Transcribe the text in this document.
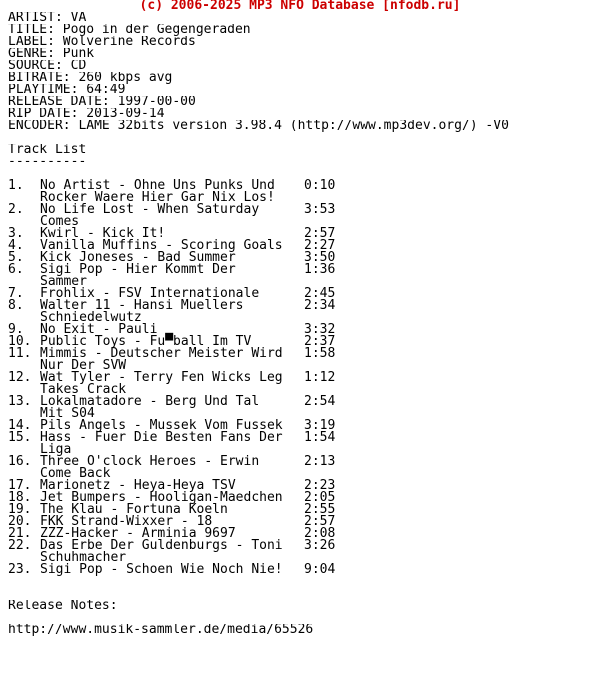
(c) 2006-2025 MP3 NFO Database [nfodb.ru]
ARTIST: VA
TITLE: Pogo in der Gegengeraden
LABEL: Wolverine Records
GENRE: Punk
SOURCE: CD
BITRATE: 260 kbps avg
PLAYTIME: 64:49
RELEASE DATE: 1997-00-00
RIP DATE: 2013-09-14
ENCODER: LAME 32bits version 3.98.4 (http://www.mp3dev.org/) -V0
Track List
----------
1.	No Artist - Ohne Uns Punks Und	0:10
Rocker Waere Hier Gar Nix Los!
2.	No Life Lost - When Saturday	3:53
Comes
3.	Kwirl - Kick It!	2:57
4.	Vanilla Muffins - Scoring Goals	2:27
5.	Kick Joneses - Bad Summer	3:50
6.	Sigi Pop - Hier Kommt Der	1:36
Sammer
7.	Frohlix - FSV Internationale	2:45
8.	Walter 11 - Hansi Muellers	2:34
Schniedelwutz
9.	No Exit - Pauli	3:32
10. Public Toys - Fu▀ball Im TV	2:37
11. Mimmis - Deutscher Meister Wird	1:58
Nur Der SVW
12. Wat Tyler - Terry Fen Wicks Leg	1:12
Takes Crack
13. Lokalmatadore - Berg Und Tal	2:54
Mit S04
14. Pils Angels - Mussek Vom Fussek	3:19
15. Hass - Fuer Die Besten Fans Der	1:54
Liga
16. Three O'clock Heroes - Erwin	2:13
Come Back
17. Marionetz - Heya-Heya TSV	2:23
18. Jet Bumpers - Hooligan-Maedchen	2:05
19. The Klau - Fortuna Koeln	2:55
20. FKK Strand-Wixxer - 18	2:57
21. ZZZ-Hacker - Arminia 9697	2:08
22. Das Erbe Der Guldenburgs - Toni	3:26
Schuhmacher
23. Sigi Pop - Schoen Wie Noch Nie!	9:04
Release Notes:
http://www.musik-sammler.de/media/65526
